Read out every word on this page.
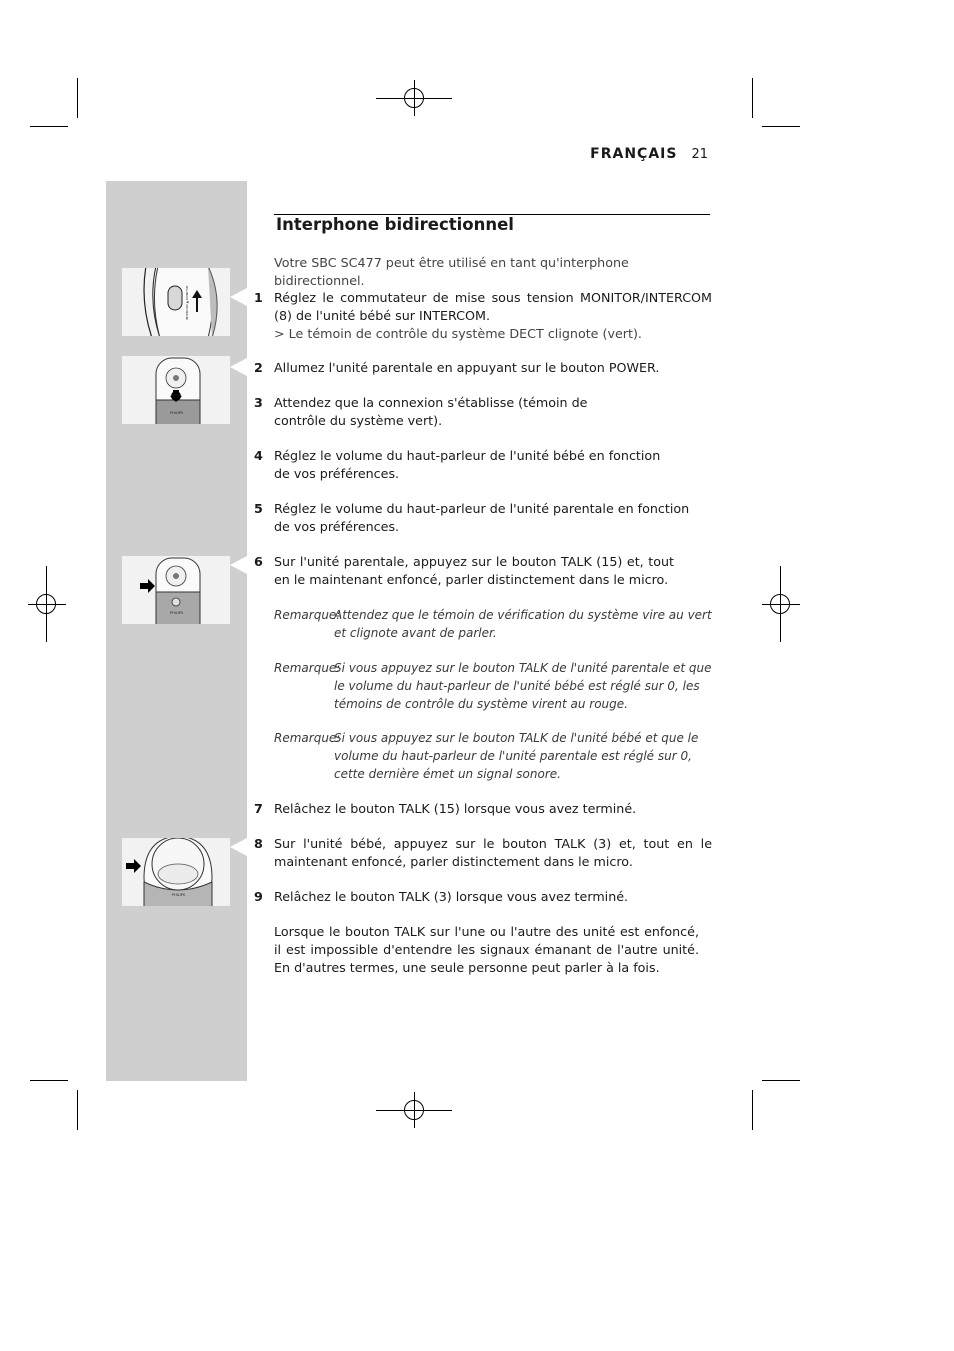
FRANÇAIS 21
INTERCOM ▲ MONITOR
PHILIPS
PHILIPS
PHILIPS
Interphone bidirectionnel
Votre SBC SC477 peut être utilisé en tant qu'interphone bidirectionnel.
1 Réglez le commutateur de mise sous tension MONITOR/INTERCOM (8) de l'unité bébé sur INTERCOM.
> Le témoin de contrôle du système DECT clignote (vert).
2 Allumez l'unité parentale en appuyant sur le bouton POWER.
3 Attendez que la connexion s'établisse (témoin de contrôle du système vert).
4 Réglez le volume du haut-parleur de l'unité bébé en fonction de vos préférences.
5 Réglez le volume du haut-parleur de l'unité parentale en fonction de vos préférences.
6 Sur l'unité parentale, appuyez sur le bouton TALK (15) et, tout en le maintenant enfoncé, parler distinctement dans le micro.
Remarque:
Attendez que le témoin de vérification du système vire au vert et clignote avant de parler.
Remarque:
Si vous appuyez sur le bouton TALK de l'unité parentale et que le volume du haut-parleur de l'unité bébé est réglé sur 0, les témoins de contrôle du système virent au rouge.
Remarque:
Si vous appuyez sur le bouton TALK de l'unité bébé et que le volume du haut-parleur de l'unité parentale est réglé sur 0, cette dernière émet un signal sonore.
7 Relâchez le bouton TALK (15) lorsque vous avez terminé.
8 Sur l'unité bébé, appuyez sur le bouton TALK (3) et, tout en le maintenant enfoncé, parler distinctement dans le micro.
9 Relâchez le bouton TALK (3) lorsque vous avez terminé.
Lorsque le bouton TALK sur l'une ou l'autre des unité est enfoncé, il est impossible d'entendre les signaux émanant de l'autre unité. En d'autres termes, une seule personne peut parler à la fois.
